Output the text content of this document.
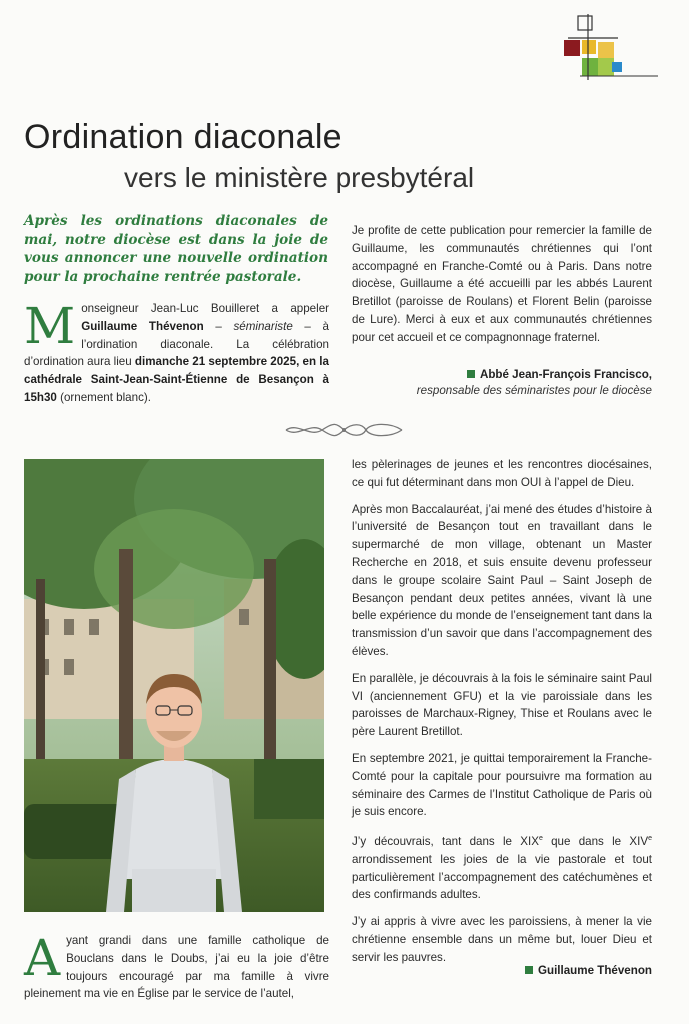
Ordination diaconale
vers le ministère presbytéral
Après les ordinations diaconales de mai, notre diocèse est dans la joie de vous annoncer une nouvelle ordination pour la prochaine rentrée pastorale.
Monseigneur Jean-Luc Bouilleret a appeler Guillaume Thévenon – séminariste – à l’ordination diaconale. La célébration d’ordination aura lieu dimanche 21 septembre 2025, en la cathédrale Saint-Jean-Saint-Étienne de Besançon à 15h30 (ornement blanc).
Je profite de cette publication pour remercier la famille de Guillaume, les communautés chrétiennes qui l’ont accompagné en Franche-Comté ou à Paris. Dans notre diocèse, Guillaume a été accueilli par les abbés Laurent Bretillot (paroisse de Roulans) et Florent Belin (paroisse de Lure). Merci à eux et aux communautés chrétiennes pour cet accueil et ce compagnonnage fraternel.
Abbé Jean-François Francisco,
responsable des séminaristes pour le diocèse
Ayant grandi dans une famille catholique de Bouclans dans le Doubs, j’ai eu la joie d’être toujours encouragé par ma famille à vivre pleinement ma vie en Église par le service de l’autel,

les pèlerinages de jeunes et les rencontres diocésaines, ce qui fut déterminant dans mon OUI à l’appel de Dieu.

Après mon Baccalauréat, j’ai mené des études d’histoire à l’université de Besançon tout en travaillant dans le supermarché de mon village, obtenant un Master Recherche en 2018, et suis ensuite devenu professeur dans le groupe scolaire Saint Paul – Saint Joseph de Besançon pendant deux petites années, vivant là une belle expérience du monde de l’enseignement tant dans la transmission d’un savoir que dans l’accompagnement des élèves.

En parallèle, je découvrais à la fois le séminaire saint Paul VI (anciennement GFU) et la vie paroissiale dans les paroisses de Marchaux-Rigney, Thise et Roulans avec le père Laurent Bretillot.

En septembre 2021, je quittai temporairement la Franche-Comté pour la capitale pour poursuivre ma formation au séminaire des Carmes de l’Institut Catholique de Paris où je suis encore.

J’y découvrais, tant dans le XIXe que dans le XIVe arrondissement les joies de la vie pastorale et tout particulièrement l’accompagnement des catéchumènes et des confirmands adultes.

J’y ai appris à vivre avec les paroissiens, à mener la vie chrétienne ensemble dans un même but, louer Dieu et servir les pauvres.

Guillaume Thévenon
